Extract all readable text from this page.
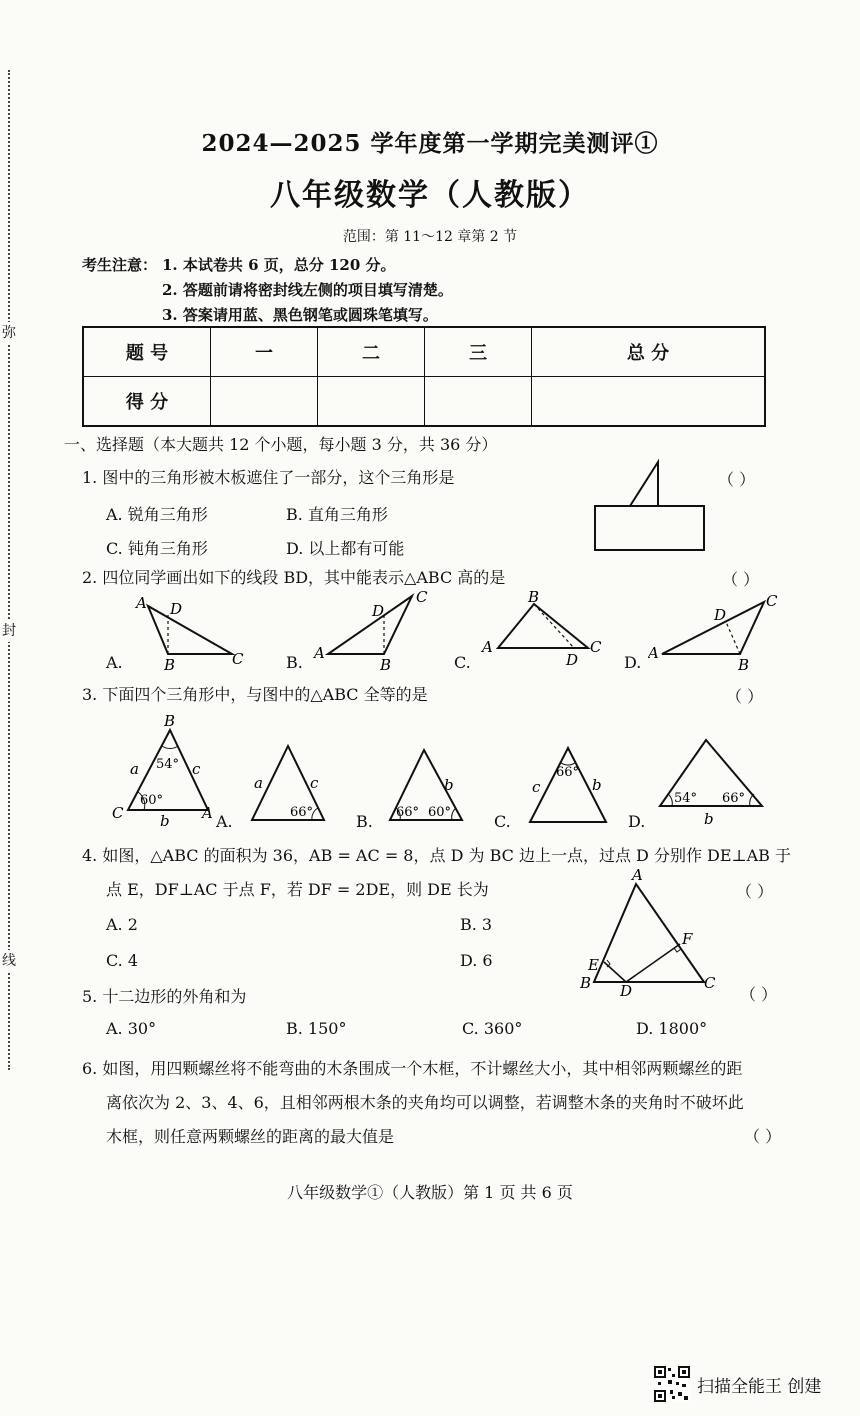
弥
封
线
2024—2025 学年度第一学期完美测评①
八年级数学（人教版）
范围：第 11～12 章第 2 节
考生注意： 1. 本试卷共 6 页，总分 120 分。
2. 答题前请将密封线左侧的项目填写清楚。
3. 答案请用蓝、黑色钢笔或圆珠笔填写。
题 号	一	二	三	总 分
得 分				
一、选择题（本大题共 12 个小题，每小题 3 分，共 36 分）
1. 图中的三角形被木板遮住了一部分，这个三角形是	（ ）
A. 锐角三角形	B. 直角三角形
C. 钝角三角形	D. 以上都有可能
2. 四位同学画出如下的线段 BD，其中能表示△ABC 高的是	（ ）
A.	B.	C.	D.
A D
B	C	A
B
C
D
A
B
C
D	A
B
C
D
3. 下面四个三角形中，与图中的△ABC 全等的是	（ ）
B
C	A
a	c
b
54°
60°
A.
a	c
66°	B.
b
66° 60°	C.
c	b
66°
D.
54° 66°
b
4. 如图，△ABC 的面积为 36，AB = AC = 8，点 D 为 BC 边上一点，过点 D 分别作 DE⊥AB 于
点 E，DF⊥AC 于点 F，若 DF = 2DE，则 DE 长为	（ ）
A. 2	B. 3
C. 4	D. 6
A
B	C
D
E
F
5. 十二边形的外角和为	（ ）
A. 30°	B. 150°	C. 360°	D. 1800°
6. 如图，用四颗螺丝将不能弯曲的木条围成一个木框，不计螺丝大小，其中相邻两颗螺丝的距
离依次为 2、3、4、6，且相邻两根木条的夹角均可以调整，若调整木条的夹角时不破坏此
木框，则任意两颗螺丝的距离的最大值是	（ ）
八年级数学①（人教版）第 1 页 共 6 页
扫描全能王 创建
